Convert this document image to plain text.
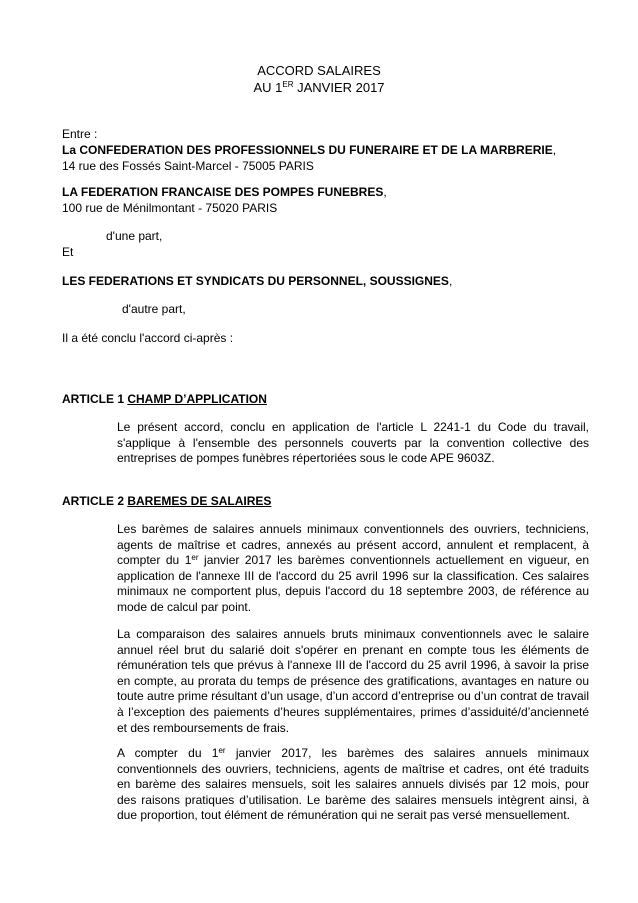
ACCORD SALAIRES
AU 1ER JANVIER 2017
Entre :
La CONFEDERATION DES PROFESSIONNELS DU FUNERAIRE ET DE LA MARBRERIE,
14 rue des Fossés Saint-Marcel - 75005 PARIS
LA FEDERATION FRANCAISE DES POMPES FUNEBRES,
100 rue de Ménilmontant - 75020 PARIS
d'une part,
Et
LES FEDERATIONS ET SYNDICATS DU PERSONNEL, SOUSSIGNES,
d'autre part,
Il a été conclu l'accord ci-après :
ARTICLE 1 CHAMP D’APPLICATION
Le présent accord, conclu en application de l'article L 2241-1 du Code du travail, s'applique à l'ensemble des personnels couverts par la convention collective des entreprises de pompes funèbres répertoriées sous le code APE 9603Z.
ARTICLE 2 BAREMES DE SALAIRES
Les barèmes de salaires annuels minimaux conventionnels des ouvriers, techniciens, agents de maîtrise et cadres, annexés au présent accord, annulent et remplacent, à compter du 1er janvier 2017 les barèmes conventionnels actuellement en vigueur, en application de l'annexe III de l'accord du 25 avril 1996 sur la classification. Ces salaires minimaux ne comportent plus, depuis l'accord du 18 septembre 2003, de référence au mode de calcul par point.
La comparaison des salaires annuels bruts minimaux conventionnels avec le salaire annuel réel brut du salarié doit s'opérer en prenant en compte tous les éléments de rémunération tels que prévus à l'annexe III de l'accord du 25 avril 1996, à savoir la prise en compte, au prorata du temps de présence des gratifications, avantages en nature ou toute autre prime résultant d’un usage, d’un accord d’entreprise ou d’un contrat de travail à l’exception des paiements d’heures supplémentaires, primes d’assiduité/d’ancienneté et des remboursements de frais.
A compter du 1er janvier 2017, les barèmes des salaires annuels minimaux conventionnels des ouvriers, techniciens, agents de maîtrise et cadres, ont été traduits en barème des salaires mensuels, soit les salaires annuels divisés par 12 mois, pour des raisons pratiques d’utilisation. Le barème des salaires mensuels intègrent ainsi, à due proportion, tout élément de rémunération qui ne serait pas versé mensuellement.
